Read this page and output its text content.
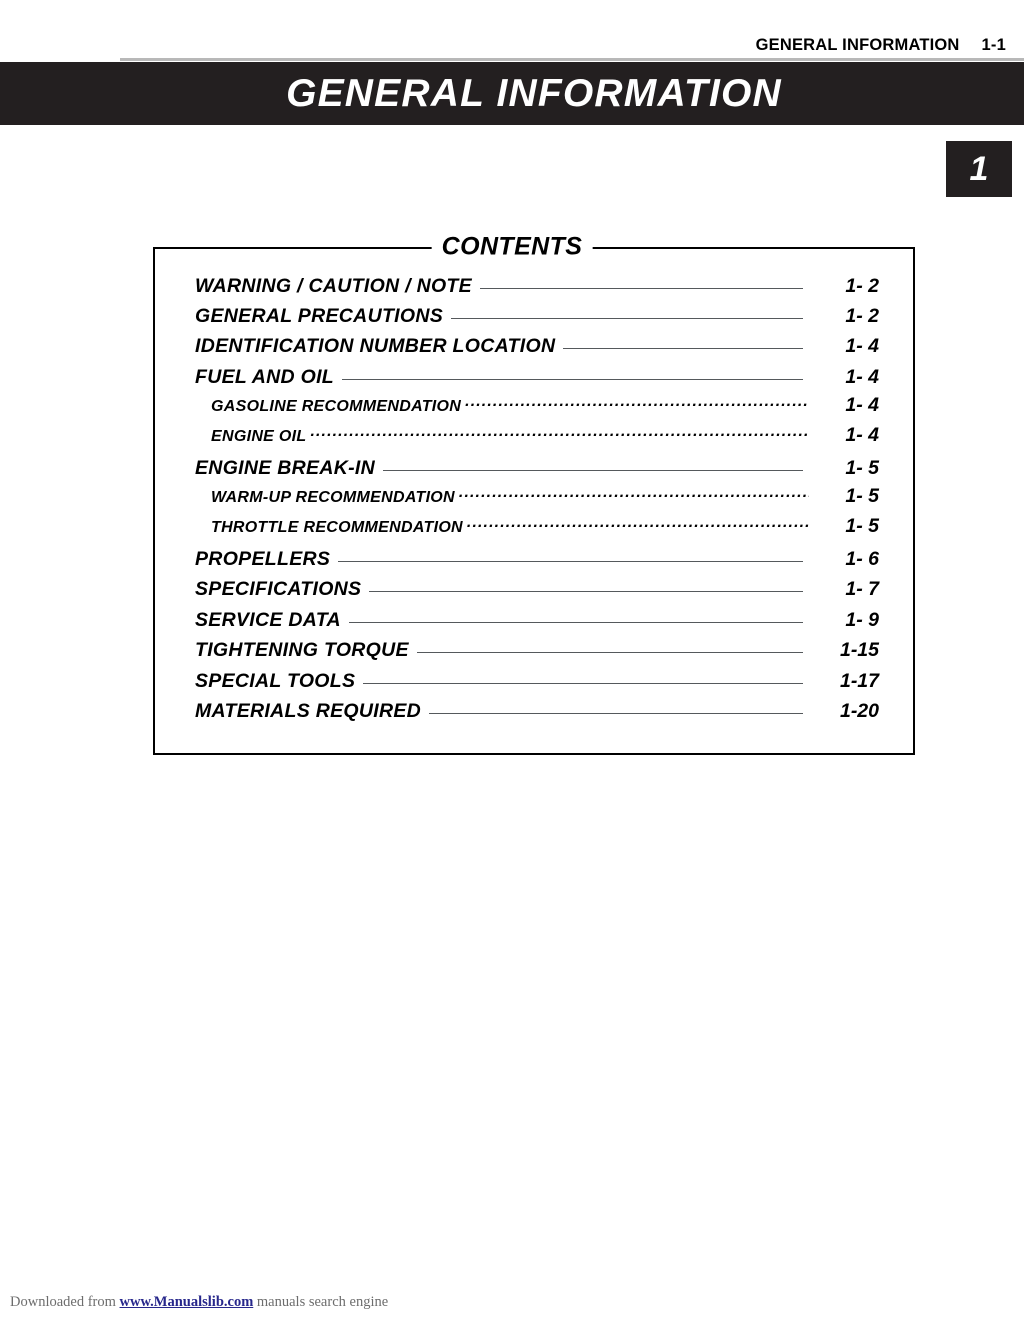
GENERAL INFORMATION 1-1
GENERAL INFORMATION
1
CONTENTS
WARNING / CAUTION / NOTE	1- 2
GENERAL PRECAUTIONS	1- 2
IDENTIFICATION NUMBER LOCATION	1- 4
FUEL AND OIL	1- 4
GASOLINE RECOMMENDATION .....	1- 4
ENGINE OIL .....	1- 4
ENGINE BREAK-IN	1- 5
WARM-UP RECOMMENDATION .....	1- 5
THROTTLE RECOMMENDATION .....	1- 5
PROPELLERS	1- 6
SPECIFICATIONS	1- 7
SERVICE DATA	1- 9
TIGHTENING TORQUE	1-15
SPECIAL TOOLS	1-17
MATERIALS REQUIRED	1-20
Downloaded from www.Manualslib.com manuals search engine
